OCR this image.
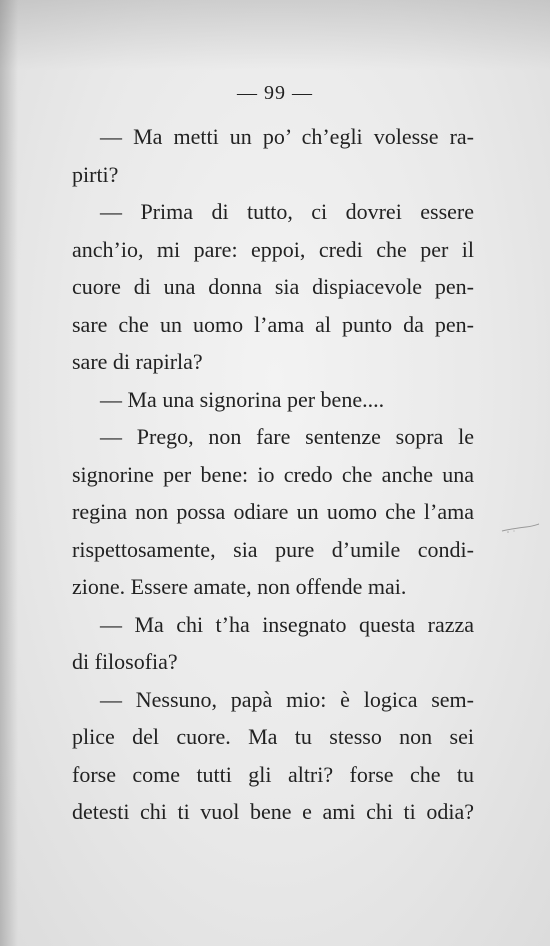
— 99 —
— Ma metti un po’ ch’egli volesse ra-
pirti?
— Prima di tutto, ci dovrei essere
anch’io, mi pare: eppoi, credi che per il
cuore di una donna sia dispiacevole pen-
sare che un uomo l’ama al punto da pen-
sare di rapirla?
— Ma una signorina per bene....
— Prego, non fare sentenze sopra le
signorine per bene: io credo che anche una
regina non possa odiare un uomo che l’ama
rispettosamente, sia pure d’umile condi-
zione. Essere amate, non offende mai.
— Ma chi t’ha insegnato questa razza
di filosofia?
— Nessuno, papà mio: è logica sem-
plice del cuore. Ma tu stesso non sei
forse come tutti gli altri? forse che tu
detesti chi ti vuol bene e ami chi ti odia?
